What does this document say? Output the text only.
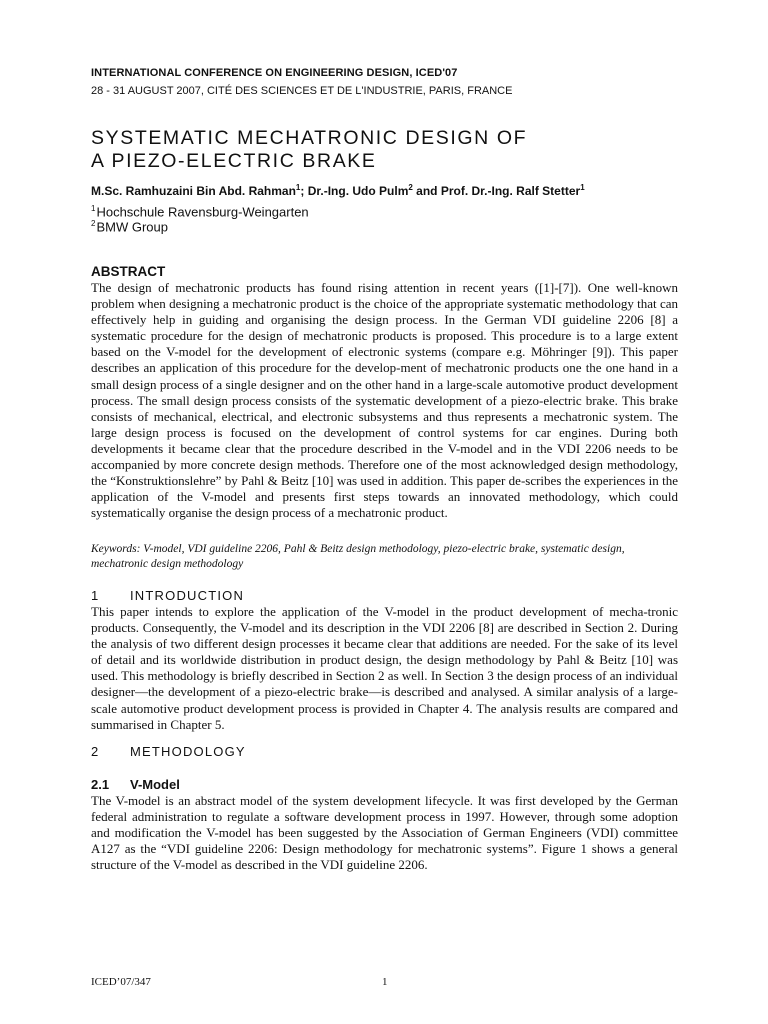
INTERNATIONAL CONFERENCE ON ENGINEERING DESIGN, ICED'07
28 - 31 AUGUST 2007, CITÉ DES SCIENCES ET DE L'INDUSTRIE, PARIS, FRANCE
SYSTEMATIC MECHATRONIC DESIGN OF
A PIEZO-ELECTRIC BRAKE
M.Sc. Ramhuzaini Bin Abd. Rahman$^1$; Dr.-Ing. Udo Pulm$^2$ and Prof. Dr.-Ing. Ralf Stetter$^1$
$^1$Hochschule Ravensburg-Weingarten
$^2$BMW Group
ABSTRACT

The design of mechatronic products has found rising attention in recent years ([1]-[7]). One well-known problem when designing a mechatronic product is the choice of the appropriate systematic methodology that can effectively help in guiding and organising the design process. In the German VDI guideline 2206 [8] a systematic procedure for the design of mechatronic products is proposed. This procedure is to a large extent based on the V-model for the development of electronic systems (compare e.g. Möhringer [9]). This paper describes an application of this procedure for the develop-ment of mechatronic products one the one hand in a small design process of a single designer and on the other hand in a large-scale automotive product development process. The small design process consists of the systematic development of a piezo-electric brake. This brake consists of mechanical, electrical, and electronic subsystems and thus represents a mechatronic system. The large design process is focused on the development of control systems for car engines. During both developments it became clear that the procedure described in the V-model and in the VDI 2206 needs to be accompanied by more concrete design methods. Therefore one of the most acknowledged design methodology, the “Konstruktionslehre” by Pahl & Beitz [10] was used in addition. This paper de-scribes the experiences in the application of the V-model and presents first steps towards an innovated methodology, which could systematically organise the design process of a mechatronic product.

Keywords: V-model, VDI guideline 2206, Pahl & Beitz design methodology, piezo-electric brake, systematic design, mechatronic design methodology

1 INTRODUCTION

This paper intends to explore the application of the V-model in the product development of mecha-tronic products. Consequently, the V-model and its description in the VDI 2206 [8] are described in Section 2. During the analysis of two different design processes it became clear that additions are needed. For the sake of its level of detail and its worldwide distribution in product design, the design methodology by Pahl & Beitz [10] was used. This methodology is briefly described in Section 2 as well. In Section 3 the design process of an individual designer—the development of a piezo-electric brake—is described and analysed. A similar analysis of a large-scale automotive product development process is provided in Chapter 4. The analysis results are compared and summarised in Chapter 5.

2 METHODOLOGY
2.1 V-Model

The V-model is an abstract model of the system development lifecycle. It was first developed by the German federal administration to regulate a software development process in 1997. However, through some adoption and modification the V-model has been suggested by the Association of German Engineers (VDI) committee A127 as the “VDI guideline 2206: Design methodology for mechatronic systems”. Figure 1 shows a general structure of the V-model as described in the VDI guideline 2206.

ICED’07/347	1
